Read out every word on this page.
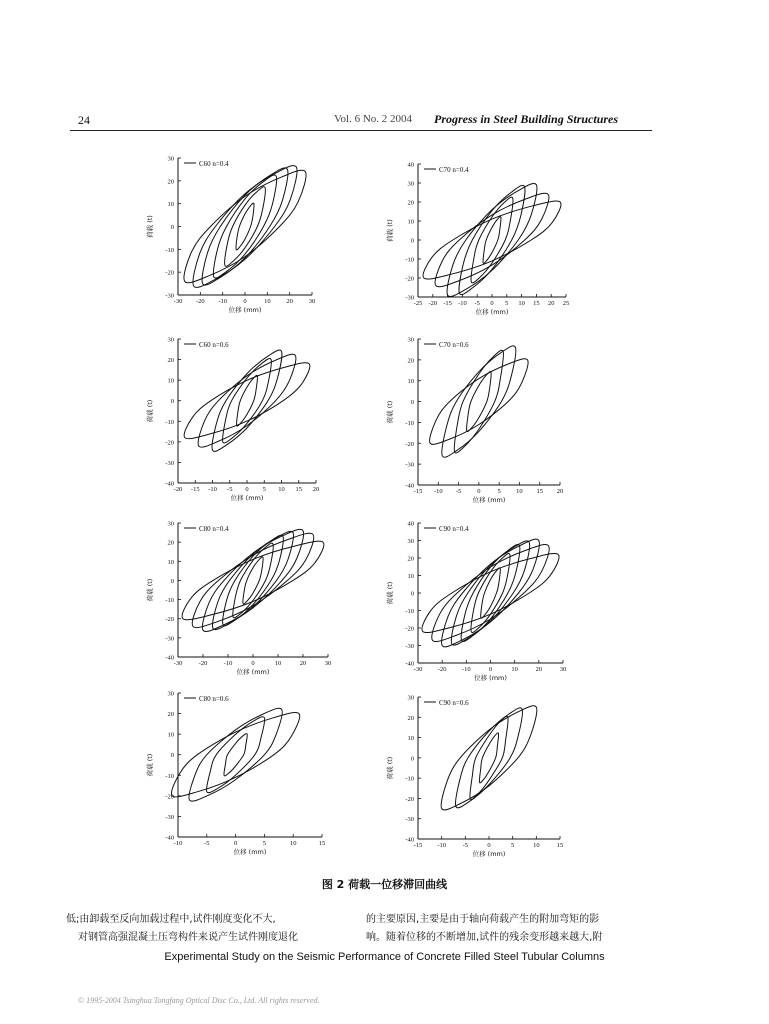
24	Vol. 6 No. 2 2004 Progress in Steel Building Structures
-30
-20
-10
0
10
20
30
-30 -20 -10	0	10 20 30
位移 (mm)
荷载 (t)
C60 n=0.4
-30
-20
-10
0
10
20
30
40
-25 -20 -15 -10 -5 0 5 10 15 20 25
位移 (mm)
荷载 (t)
C70 n=0.4
-40
-30
-20
-10
0
10
20
30
-20 -15 -10 -5 0 5 10 15 20
位移 (mm)
荷载 (t)
C60 n=0.6
-40
-30
-20
-10
0
10
20
30
-15 -10 -5 0	5 10 15 20
位移 (mm)
荷载 (t)
C70 n=0.6
-40
-30
-20
-10
0
10
20
30
-30	-20	-10	0	10	20	30
位移 (mm)
荷载 (t)
C80 n=0.4
-40
-30
-20
-10
0
10
20
30
40
-30 -20 -10	0	10	20	30
位移 (mm)
荷载 (t)
C90 n=0.4
-40
-30
-20
-10
0
10
20
30
-10	-5	0	5	10	15
位移 (mm)
荷载 (t)
C80 n=0.6
-40
-30
-20
-10
0
10
20
30
-15 -10	-5	0	5	10	15
位移 (mm)
荷载 (t)
C90 n=0.6
图 2 荷载一位移滞回曲线
低;由卸载至反向加载过程中,试件刚度变化不大,
对钢管高强混凝土压弯构件来说产生试件刚度退化
的主要原因,主要是由于轴向荷载产生的附加弯矩的影
响。随着位移的不断增加,试件的残余变形越来越大,附
Experimental Study on the Seismic Performance of Concrete Filled Steel Tubular Columns
© 1995-2004 Tsinghua Tongfang Optical Disc Co., Ltd. All rights reserved.
